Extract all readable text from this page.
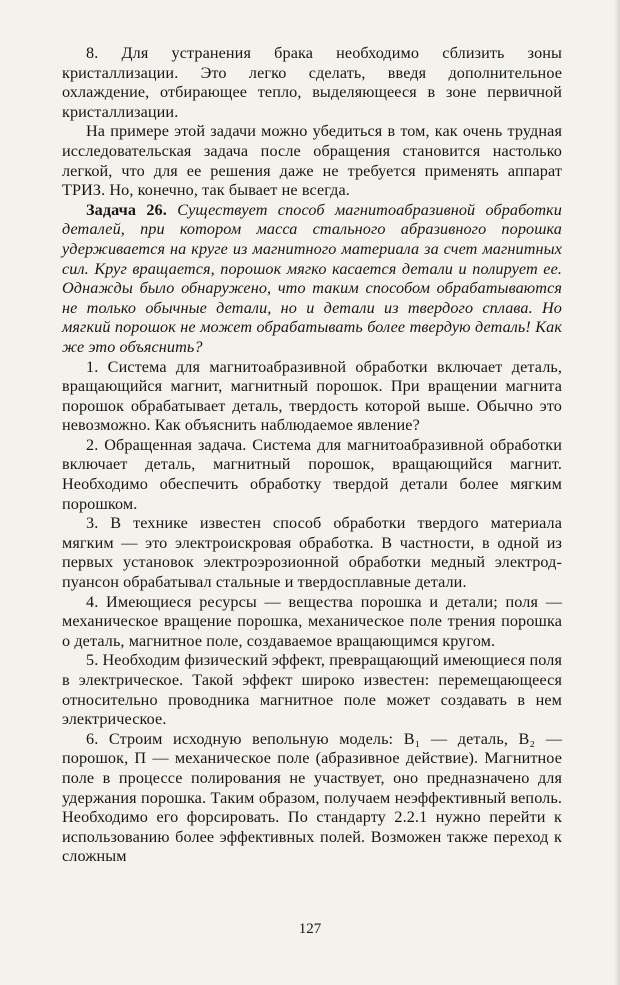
8. Для устранения брака необходимо сблизить зоны кристаллизации. Это легко сделать, введя дополнительное охлаждение, отбирающее тепло, выделяющееся в зоне первичной кристаллизации.

На примере этой задачи можно убедиться в том, как очень трудная исследовательская задача после обращения становится настолько легкой, что для ее решения даже не требуется применять аппарат ТРИЗ. Но, конечно, так бывает не всегда.

Задача 26. Существует способ магнитоабразивной обработки деталей, при котором масса стального абразивного порошка удерживается на круге из магнитного материала за счет магнитных сил. Круг вращается, порошок мягко касается детали и полирует ее. Однажды было обнаружено, что таким способом обрабатываются не только обычные детали, но и детали из твердого сплава. Но мягкий порошок не может обрабатывать более твердую деталь! Как же это объяснить?

1. Система для магнитоабразивной обработки включает деталь, вращающийся магнит, магнитный порошок. При вращении магнита порошок обрабатывает деталь, твердость которой выше. Обычно это невозможно. Как объяснить наблюдаемое явление?

2. Обращенная задача. Система для магнитоабразивной обработки включает деталь, магнитный порошок, вращающийся магнит. Необходимо обеспечить обработку твердой детали более мягким порошком.

3. В технике известен способ обработки твердого материала мягким — это электроискровая обработка. В частности, в одной из первых установок электроэрозионной обработки медный электрод-пуансон обрабатывал стальные и твердосплавные детали.

4. Имеющиеся ресурсы — вещества порошка и детали; поля — механическое вращение порошка, механическое поле трения порошка о деталь, магнитное поле, создаваемое вращающимся кругом.

5. Необходим физический эффект, превращающий имеющиеся поля в электрическое. Такой эффект широко известен: перемещающееся относительно проводника магнитное поле может создавать в нем электрическое.

6. Строим исходную вепольную модель: В₁ — деталь, В₂ — порошок, П — механическое поле (абразивное действие). Магнитное поле в процессе полирования не участвует, оно предназначено для удержания порошка. Таким образом, получаем неэффективный веполь. Необходимо его форсировать. По стандарту 2.2.1 нужно перейти к использованию более эффективных полей. Возможен также переход к сложным

127
